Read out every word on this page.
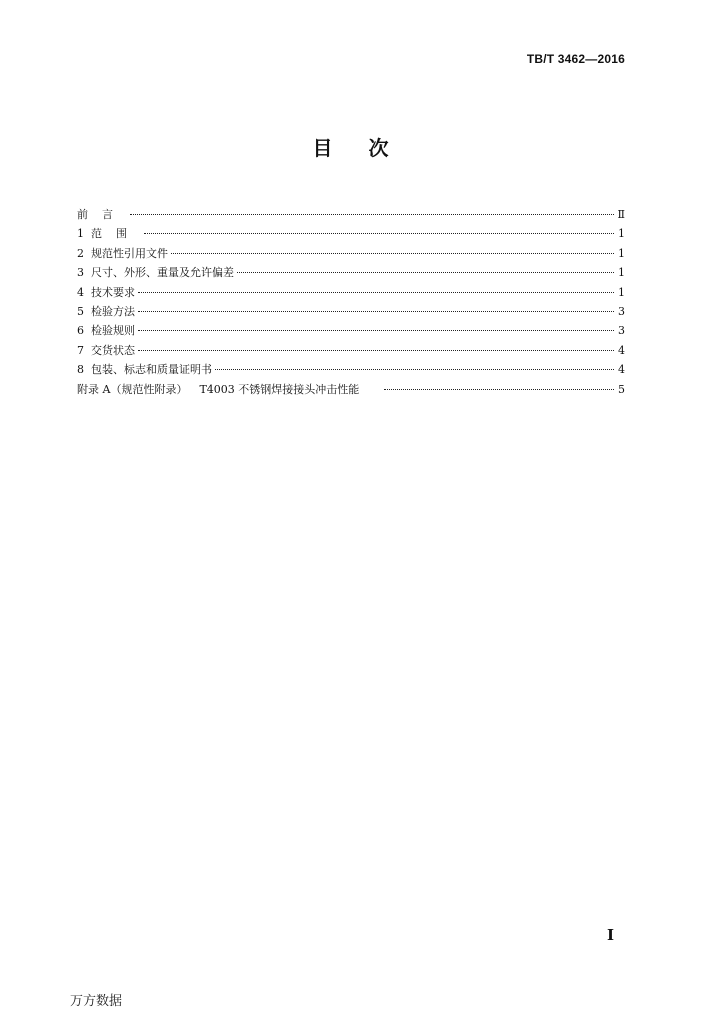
TB/T 3462—2016
目 次
前言	Ⅱ
1 范围	1
2 规范性引用文件	1
3 尺寸、外形、重量及允许偏差	1
4 技术要求	1
5 检验方法	3
6 检验规则	3
7 交货状态	4
8 包装、标志和质量证明书	4
附录 A（规范性附录） T4003 不锈钢焊接接头冲击性能	5
I
万方数据
